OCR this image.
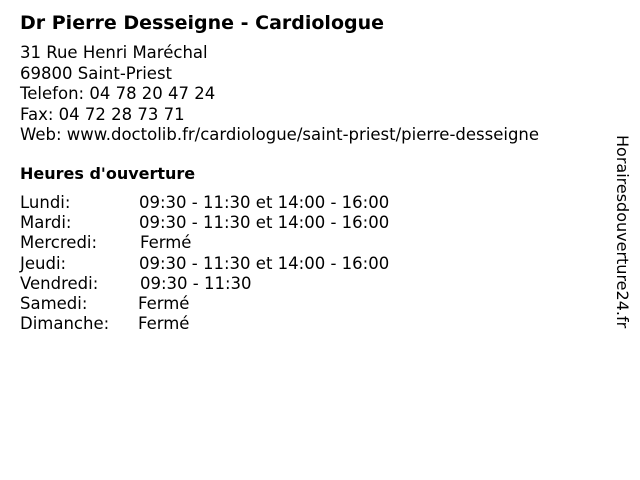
Dr Pierre Desseigne - Cardiologue
31 Rue Henri Maréchal
69800 Saint-Priest
Telefon: 04 78 20 47 24
Fax: 04 72 28 73 71
Web: www.doctolib.fr/cardiologue/saint-priest/pierre-desseigne
Heures d'ouverture
Lundi:	09:30 - 11:30 et 14:00 - 16:00
Mardi:	09:30 - 11:30 et 14:00 - 16:00
Mercredi:	Fermé
Jeudi:	09:30 - 11:30 et 14:00 - 16:00
Vendredi:	09:30 - 11:30
Samedi:	Fermé
Dimanche: Fermé	Horairesdouverture24.fr
